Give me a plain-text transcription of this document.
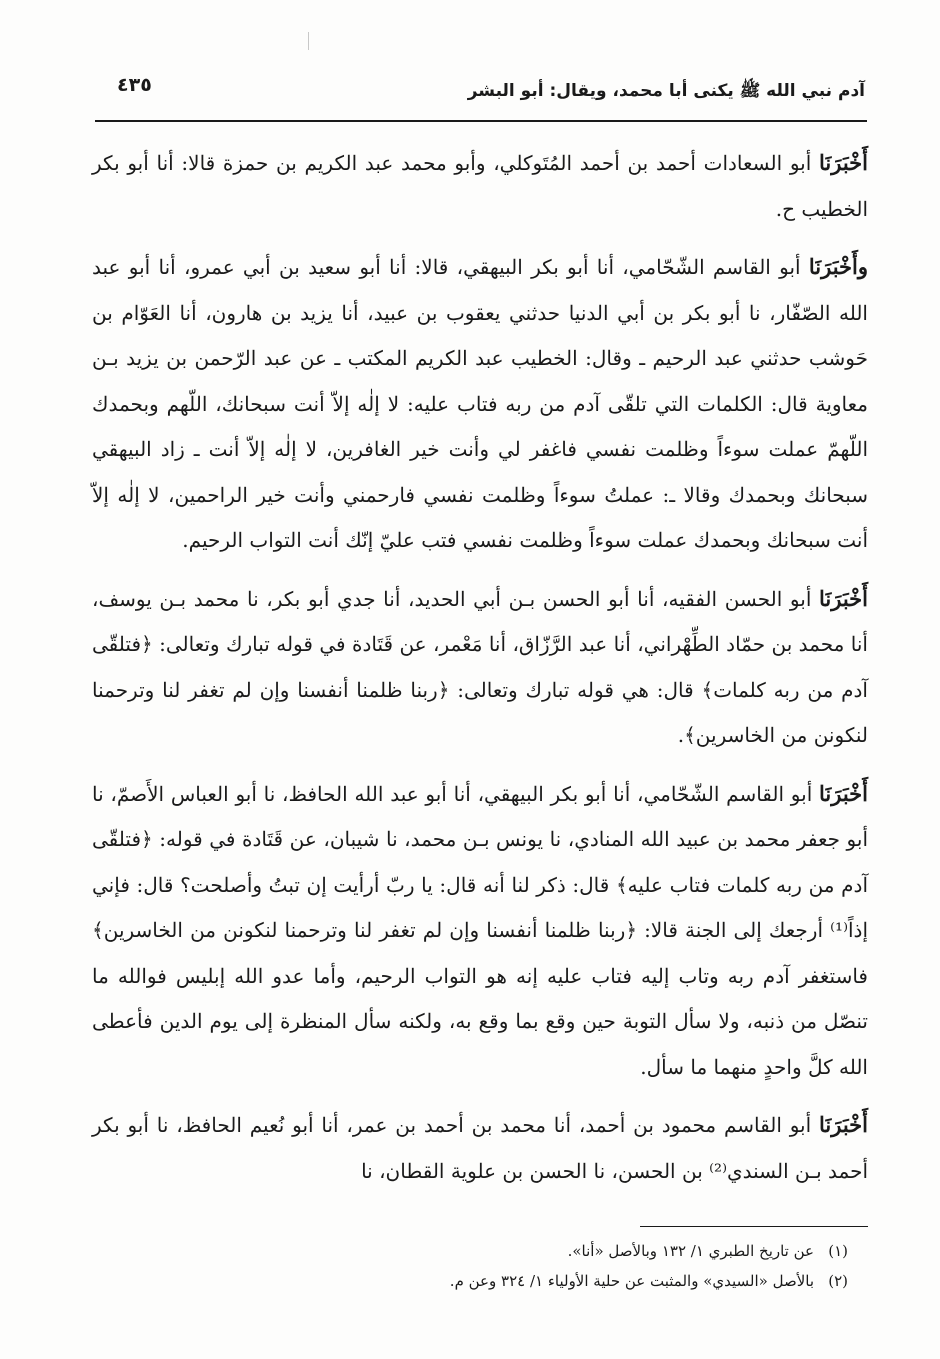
آدم نبي الله ﷺ يكنى أبا محمد، ويقال: أبو البشر
٤٣٥

أَخْبَرَنَا أبو السعادات أحمد بن أحمد المُتَوكلي، وأبو محمد عبد الكريم بن حمزة قالا: أنا أبو بكر الخطيب ح.

وأَخْبَرَنَا أبو القاسم الشّحّامي، أنا أبو بكر البيهقي، قالا: أنا أبو سعيد بن أبي عمرو، أنا أبو عبد الله الصّفّار، نا أبو بكر بن أبي الدنيا حدثني يعقوب بن عبيد، أنا يزيد بن هارون، أنا العَوّام بن حَوشب حدثني عبد الرحيم ـ وقال: الخطيب عبد الكريم المكتب ـ عن عبد الرّحمن بن يزيد بـن معاوية قال: الكلمات التي تلقّى آدم من ربه فتاب عليه: لا إلٰه إلاّ أنت سبحانك، اللّهم وبحمدك اللّهمّ عملت سوءاً وظلمت نفسي فاغفر لي وأنت خير الغافرين، لا إلٰه إلاّ أنت ـ زاد البيهقي سبحانك وبحمدك وقالا ـ: عملتُ سوءاً وظلمت نفسي فارحمني وأنت خير الراحمين، لا إلٰه إلاّ أنت سبحانك وبحمدك عملت سوءاً وظلمت نفسي فتب عليّ إنّك أنت التواب الرحيم.

أَخْبَرَنَا أبو الحسن الفقيه، أنا أبو الحسن بـن أبي الحديد، أنا جدي أبو بكر، نا محمد بـن يوسف، أنا محمد بن حمّاد الطِّهْراني، أنا عبد الرَّزّاق، أنا مَعْمر، عن قَتَادة في قوله تبارك وتعالى: ﴿فتلقّى آدم من ربه كلمات﴾ قال: هي قوله تبارك وتعالى: ﴿ربنا ظلمنا أنفسنا وإن لم تغفر لنا وترحمنا لنكونن من الخاسرين﴾.

أَخْبَرَنَا أبو القاسم الشّحّامي، أنا أبو بكر البيهقي، أنا أبو عبد الله الحافظ، نا أبو العباس الأَصمّ، نا أبو جعفر محمد بن عبيد الله المنادي، نا يونس بـن محمد، نا شيبان، عن قَتَادة في قوله: ﴿فتلقّى آدم من ربه كلمات فتاب عليه﴾ قال: ذكر لنا أنه قال: يا ربّ أرأيت إن تبتُ وأصلحت؟ قال: فإني إذاً⁽¹⁾ أرجعك إلى الجنة قالا: ﴿ربنا ظلمنا أنفسنا وإن لم تغفر لنا وترحمنا لنكونن من الخاسرين﴾ فاستغفر آدم ربه وتاب إليه فتاب عليه إنه هو التواب الرحيم، وأما عدو الله إبليس فوالله ما تنصّل من ذنبه، ولا سأل التوبة حين وقع بما وقع به، ولكنه سأل المنظرة إلى يوم الدين فأعطى الله كلَّ واحدٍ منهما ما سأل.

أَخْبَرَنَا أبو القاسم محمود بن أحمد، أنا محمد بن أحمد بن عمر، أنا أبو نُعيم الحافظ، نا أبو بكر أحمد بـن السندي⁽²⁾ بن الحسن، نا الحسن بن علوية القطان، نا

(١)عن تاريخ الطبري ١/ ١٣٢ وبالأصل «أنا».
(٢)بالأصل «السيدي» والمثبت عن حلية الأولياء ١/ ٣٢٤ وعن م.
